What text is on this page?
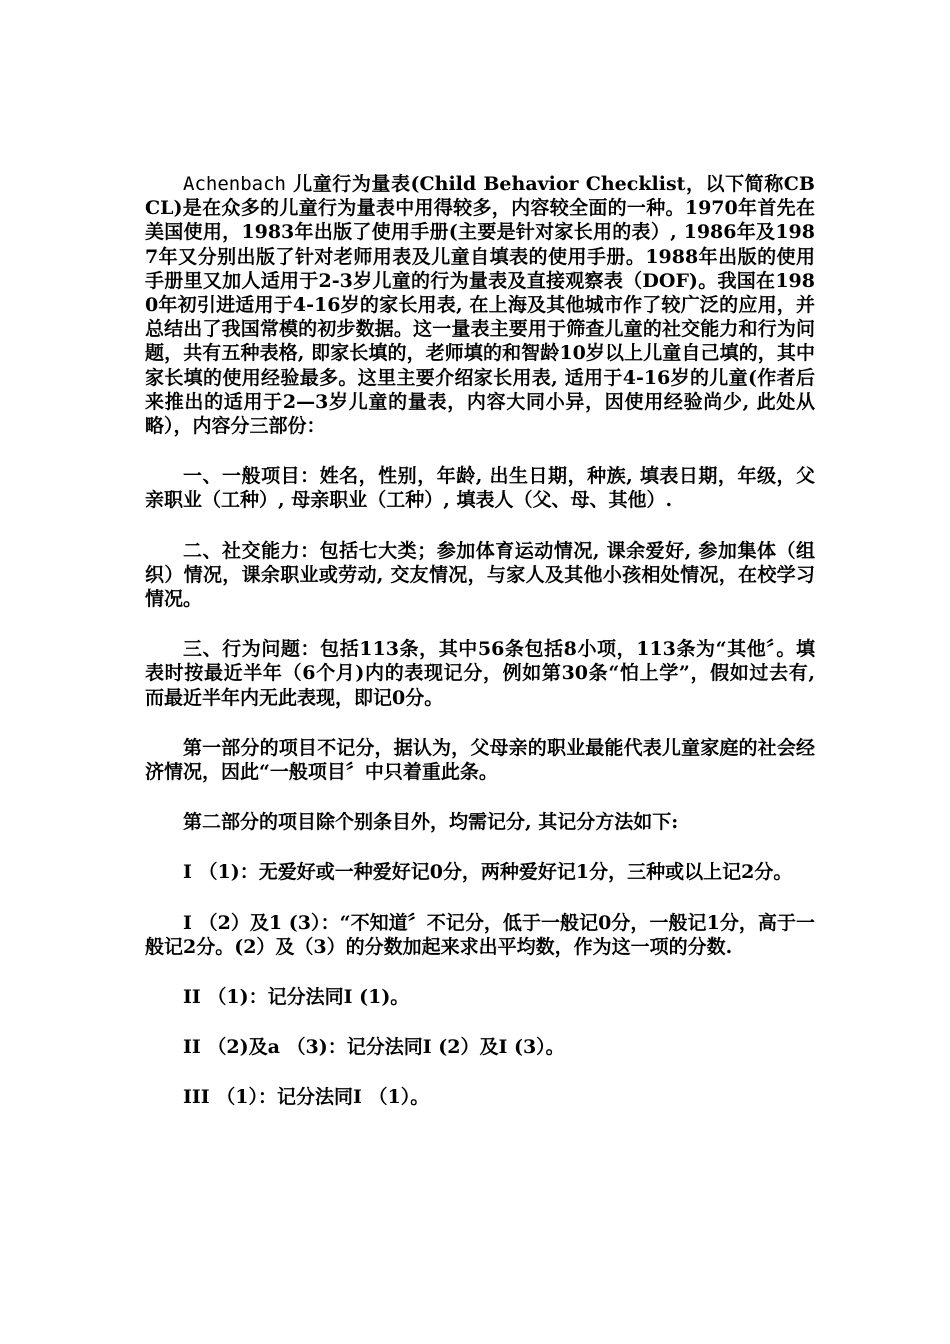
Achenbach 儿童行为量表(Child Behavior Checklist，以下简称CBCL)是在众多的儿童行为量表中用得较多，内容较全面的一种。1970年首先在美国使用，1983年出版了使用手册(主要是针对家长用的表）, 1986年及1987年又分别出版了针对老师用表及儿童自填表的使用手册。1988年出版的使用手册里又加人适用于2-3岁儿童的行为量表及直接观察表（DOF)。我国在1980年初引进适用于4-16岁的家长用表, 在上海及其他城市作了较广泛的应用，并总结出了我国常模的初步数据。这一量表主要用于筛查儿童的社交能力和行为问题，共有五种表格, 即家长填的，老师填的和智龄10岁以上儿童自己填的，其中家长填的使用经验最多。这里主要介绍家长用表, 适用于4-16岁的儿童(作者后来推出的适用于2—3岁儿童的量表，内容大同小异，因使用经验尚少, 此处从略），内容分三部份：

一、一般项目：姓名，性别，年龄, 出生日期，种族, 填表日期，年级，父亲职业（工种）, 母亲职业（工种）, 填表人（父、母、其他）.

二、社交能力：包括七大类；参加体育运动情况, 课余爱好, 参加集体（组织）情况，课余职业或劳动, 交友情况，与家人及其他小孩相处情况，在校学习情况。

三、行为问题：包括113条，其中56条包括8小项，113条为“其他〞。填表时按最近半年（6个月)内的表现记分，例如第30条“怕上学”，假如过去有, 而最近半年内无此表现，即记0分。

第一部分的项目不记分，据认为，父母亲的职业最能代表儿童家庭的社会经济情况，因此“一般项目〞中只着重此条。

第二部分的项目除个别条目外，均需记分, 其记分方法如下:

I （1)：无爱好或一种爱好记0分，两种爱好记1分，三种或以上记2分。

I （2）及1 (3）：“不知道〞不记分，低于一般记0分，一般记1分，高于一般记2分。(2）及（3）的分数加起来求出平均数，作为这一项的分数.

II （1)：记分法同I (1)。

II （2)及a （3)：记分法同I (2）及I (3）。

III （1）：记分法同I （1）。
